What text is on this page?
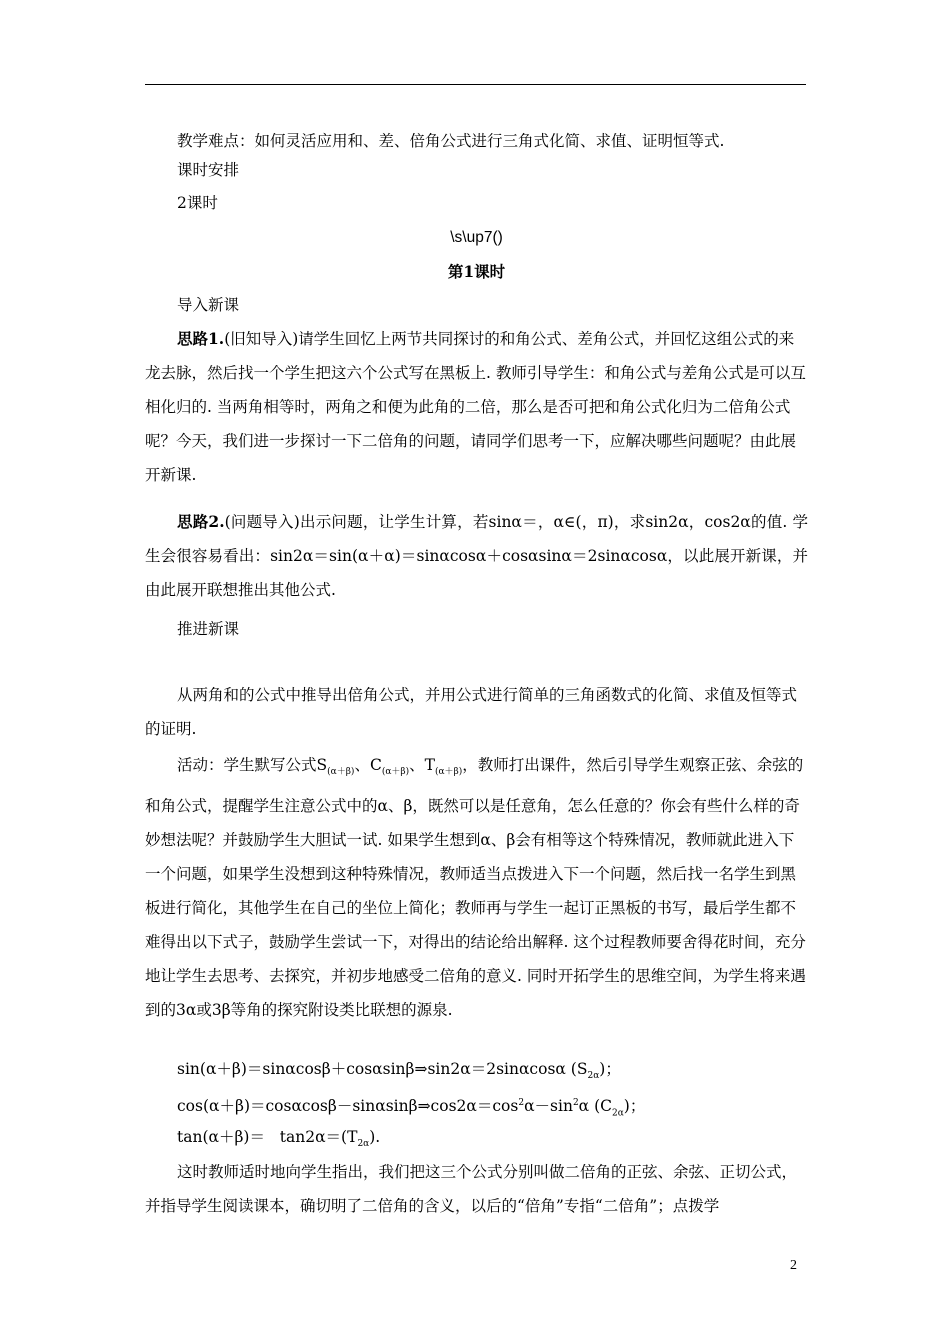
教学难点：如何灵活应用和、差、倍角公式进行三角式化简、求值、证明恒等式.

课时安排

2课时

\s\up7()

第1课时

导入新课

思路1.(旧知导入)请学生回忆上两节共同探讨的和角公式、差角公式，并回忆这组公式的来龙去脉，然后找一个学生把这六个公式写在黑板上. 教师引导学生：和角公式与差角公式是可以互相化归的. 当两角相等时，两角之和便为此角的二倍，那么是否可把和角公式化归为二倍角公式呢？今天，我们进一步探讨一下二倍角的问题，请同学们思考一下，应解决哪些问题呢？由此展开新课.

思路2.(问题导入)出示问题，让学生计算，若sinα＝，α∈(，π)，求sin2α，cos2α的值. 学生会很容易看出：sin2α＝sin(α＋α)＝sinαcosα＋cosαsinα＝2sinαcosα，以此展开新课，并由此展开联想推出其他公式.

推进新课

从两角和的公式中推导出倍角公式，并用公式进行简单的三角函数式的化简、求值及恒等式的证明.

活动：学生默写公式$S_{(\alpha+\beta)}$、$C_{(\alpha+\beta)}$、$T_{(\alpha+\beta)}$，教师打出课件，然后引导学生观察正弦、余弦的和角公式，提醒学生注意公式中的α、β，既然可以是任意角，怎么任意的？你会有些什么样的奇妙想法呢？并鼓励学生大胆试一试. 如果学生想到α、β会有相等这个特殊情况，教师就此进入下一个问题，如果学生没想到这种特殊情况，教师适当点拨进入下一个问题，然后找一名学生到黑板进行简化，其他学生在自己的坐位上简化；教师再与学生一起订正黑板的书写，最后学生都不难得出以下式子，鼓励学生尝试一下，对得出的结论给出解释. 这个过程教师要舍得花时间，充分地让学生去思考、去探究，并初步地感受二倍角的意义. 同时开拓学生的思维空间，为学生将来遇到的3α或3β等角的探究附设类比联想的源泉.

sin(α＋β)＝sinαcosβ＋cosαsinβ⇒sin2α＝2sinαcosα $(S_{2\alpha})$；

$\cos(\alpha+\beta)=\cos\alpha\cos\beta-\sin\alpha\sin\beta\Rightarrow\cos 2\alpha=\cos^2\alpha-\sin^2\alpha$ $(C_{2\alpha})$；

$\tan(\alpha+\beta)= \tan 2\alpha=(T_{2\alpha})$.

这时教师适时地向学生指出，我们把这三个公式分别叫做二倍角的正弦、余弦、正切公式，并指导学生阅读课本，确切明了二倍角的含义，以后的“倍角”专指“二倍角”；点拨学

2
